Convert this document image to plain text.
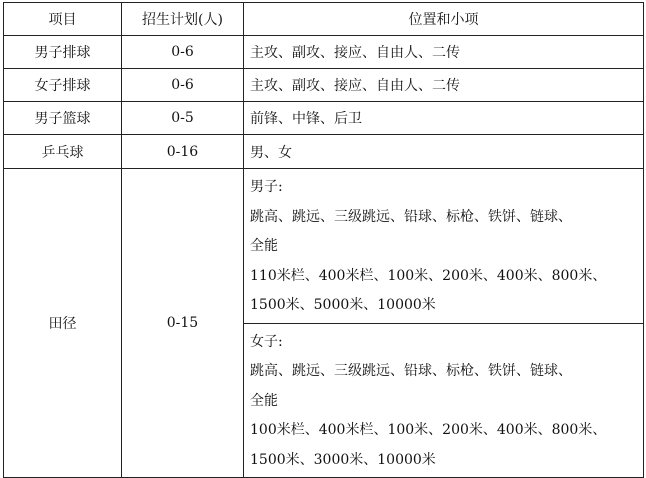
项目	招生计划(人)	位置和小项
男子排球	0-6	主攻、副攻、接应、自由人、二传
女子排球	0-6	主攻、副攻、接应、自由人、二传
男子篮球	0-5	前锋、中锋、后卫
乒乓球	0-16	男、女
田径	0-15	男子:
跳高、跳远、三级跳远、铅球、标枪、铁饼、链球、
全能
110米栏、400米栏、100米、200米、400米、800米、
1500米、5000米、10000米

		女子:
跳高、跳远、三级跳远、铅球、标枪、铁饼、链球、
全能
100米栏、400米栏、100米、200米、400米、800米、
1500米、3000米、10000米
